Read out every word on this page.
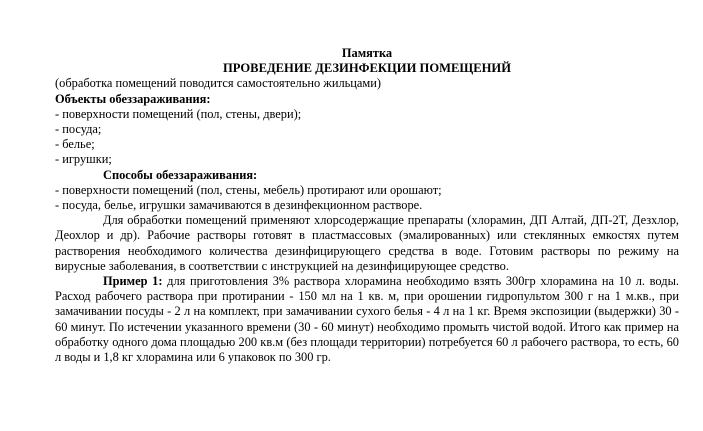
Памятка
ПРОВЕДЕНИЕ ДЕЗИНФЕКЦИИ ПОМЕЩЕНИЙ

(обработка помещений поводится самостоятельно жильцами)

Объекты обеззараживания:

- поверхности помещений (пол, стены, двери);
- посуда;
- белье;
- игрушки;

Способы обеззараживания:

- поверхности помещений (пол, стены, мебель) протирают или орошают;
- посуда, белье, игрушки замачиваются в дезинфекционном растворе.

Для обработки помещений применяют хлорсодержащие препараты (хлорамин, ДП Алтай, ДП-2Т, Дезхлор, Деохлор и др). Рабочие растворы готовят в пластмассовых (эмалированных) или стеклянных емкостях путем растворения необходимого количества дезинфицирующего средства в воде. Готовим растворы по режиму на вирусные заболевания, в соответствии с инструкцией на дезинфицирующее средство.

Пример 1: для приготовления 3% раствора хлорамина необходимо взять 300гр хлорамина на 10 л. воды. Расход рабочего раствора при протирании - 150 мл на 1 кв. м, при орошении гидропультом 300 г на 1 м.кв., при замачивании посуды - 2 л на комплект, при замачивании сухого белья - 4 л на 1 кг. Время экспозиции (выдержки) 30 - 60 минут. По истечении указанного времени (30 - 60 минут) необходимо промыть чистой водой. Итого как пример на обработку одного дома площадью 200 кв.м (без площади территории) потребуется 60 л рабочего раствора, то есть, 60 л воды и 1,8 кг хлорамина или 6 упаковок по 300 гр.
